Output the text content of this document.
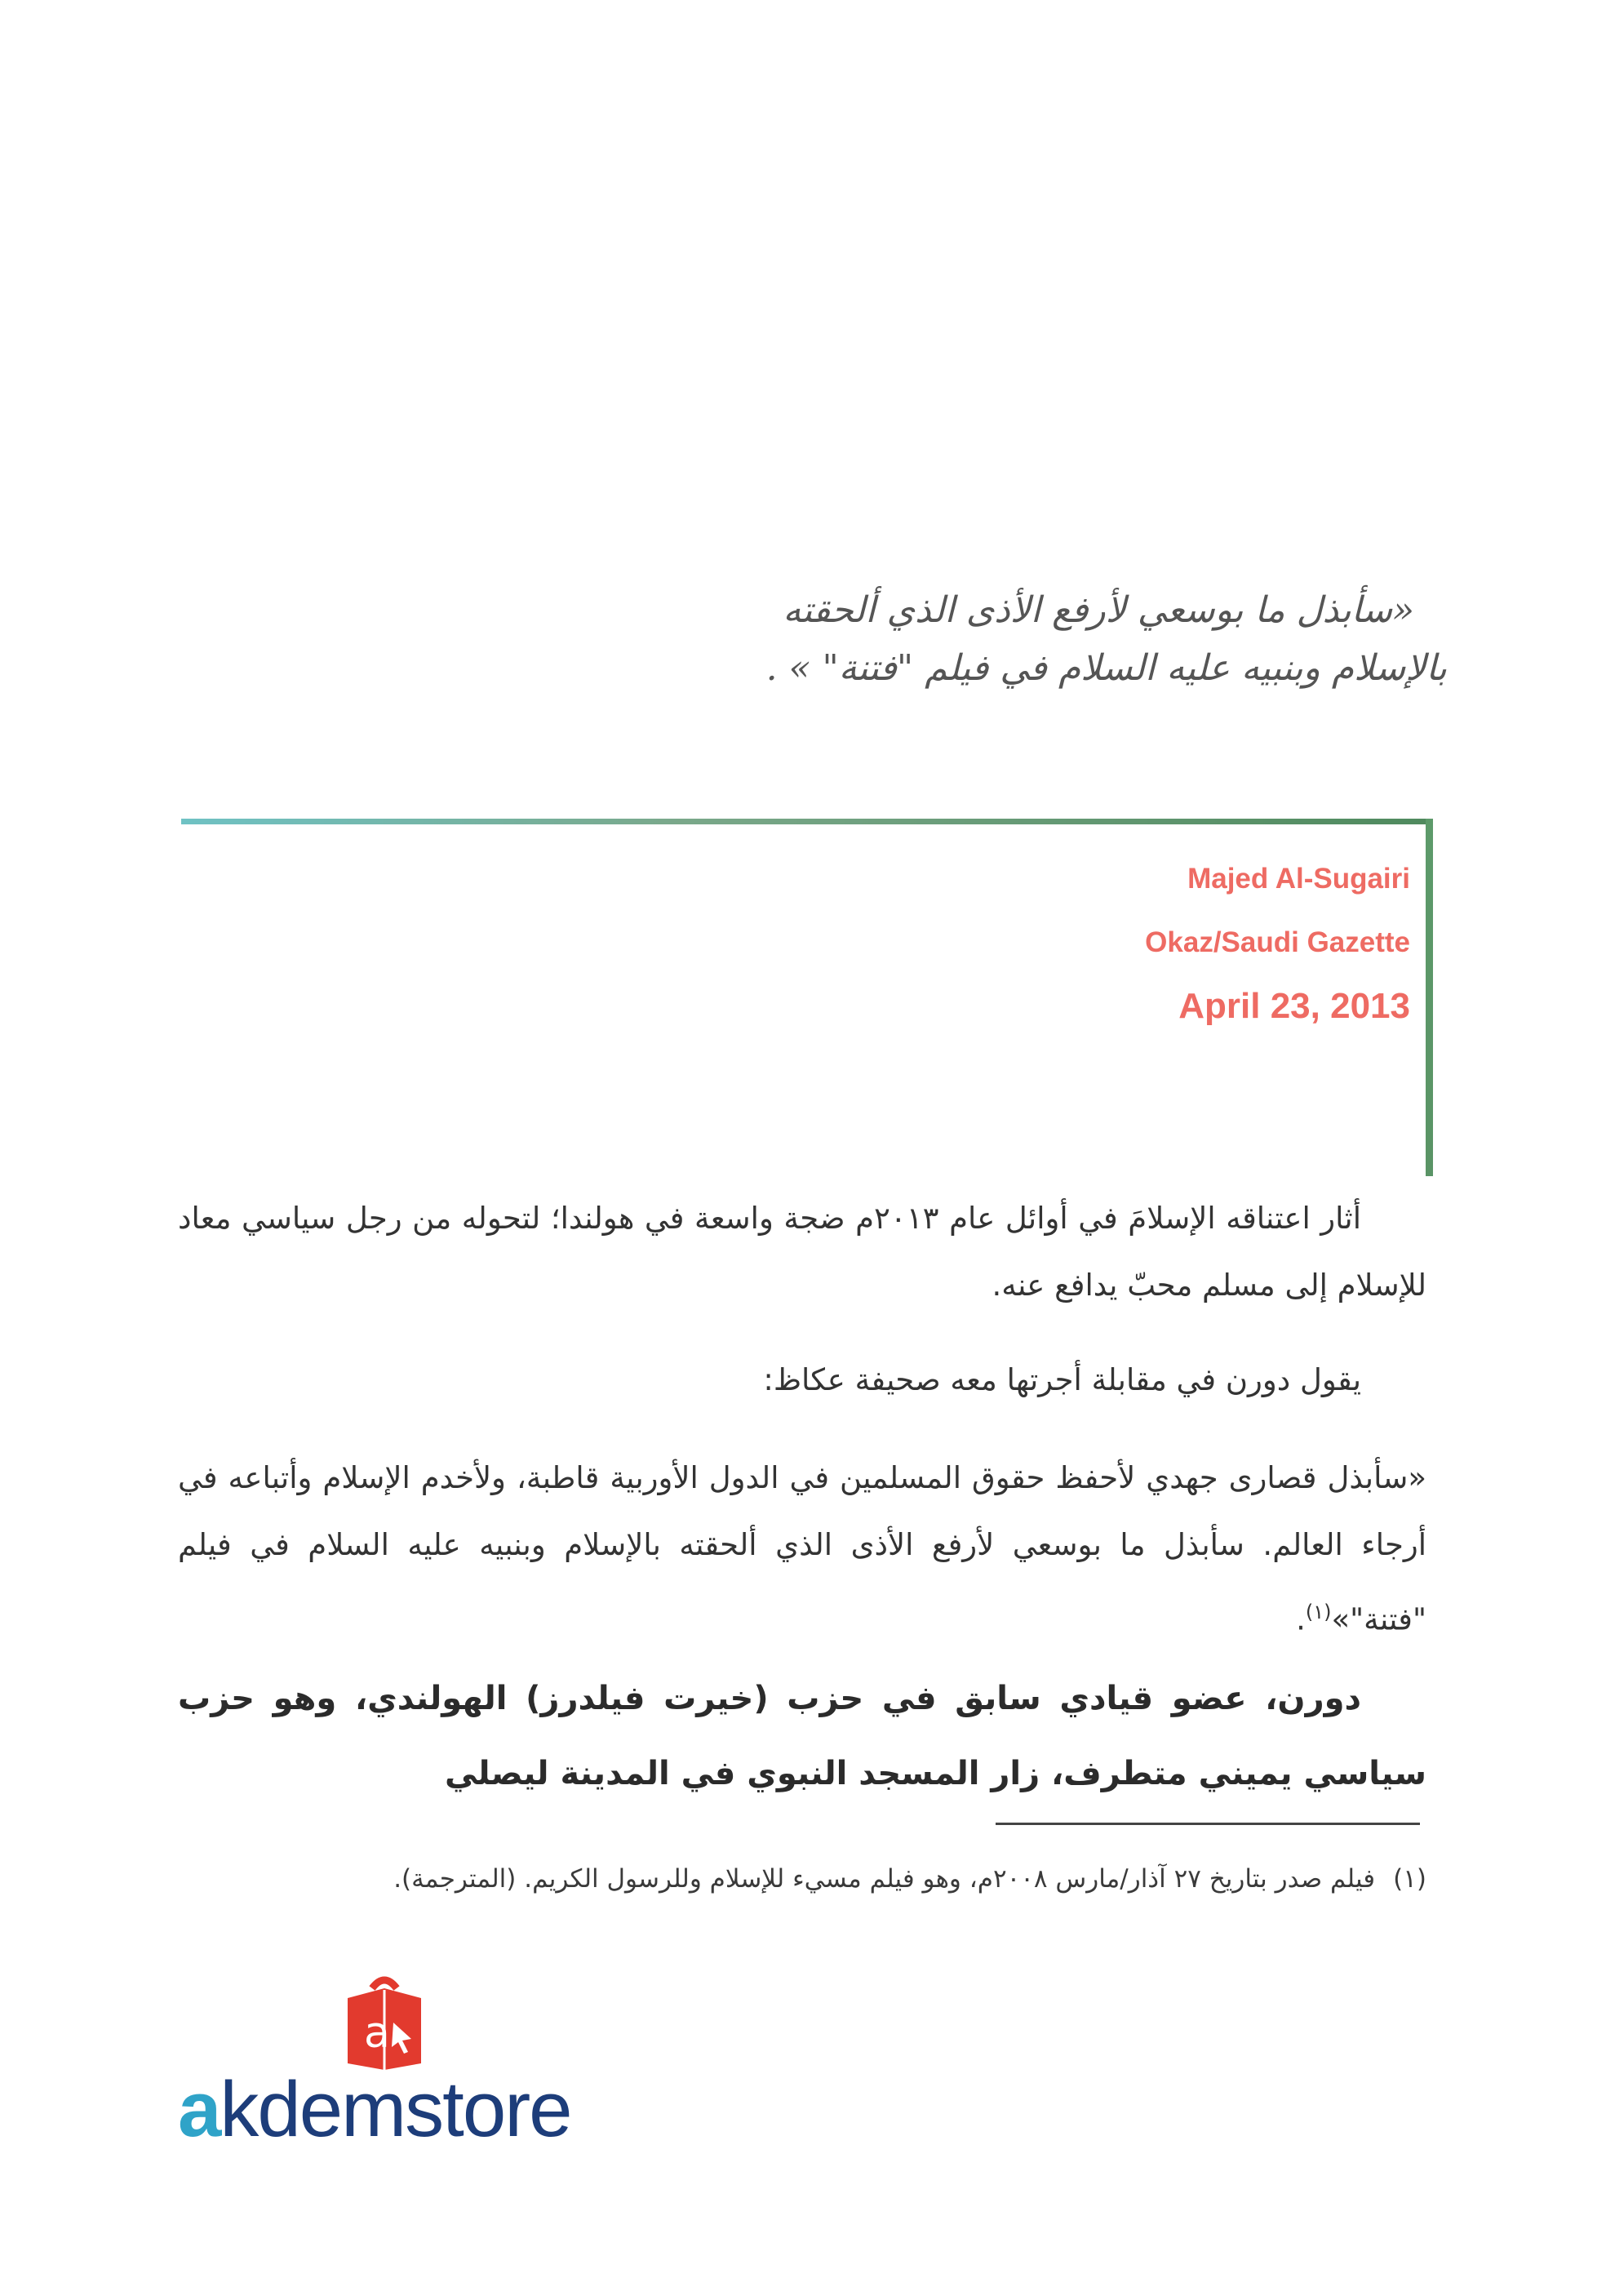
«سأبذل ما بوسعي لأرفع الأذى الذي ألحقته
بالإسلام وبنبيه عليه السلام في فيلم "فتنة" » .
Majed Al-Sugairi
Okaz/Saudi Gazette
April 23, 2013
أثار اعتناقه الإسلامَ في أوائل عام ٢٠١٣م ضجة واسعة في هولندا؛ لتحوله من رجل سياسي معاد للإسلام إلى مسلم محبّ يدافع عنه.
يقول دورن في مقابلة أجرتها معه صحيفة عكاظ:
«سأبذل قصارى جهدي لأحفظ حقوق المسلمين في الدول الأوربية قاطبة، ولأخدم الإسلام وأتباعه في أرجاء العالم. سأبذل ما بوسعي لأرفع الأذى الذي ألحقته بالإسلام وبنبيه عليه السلام في فيلم "فتنة"»$^{(١)}$.
دورن، عضو قيادي سابق في حزب (خيرت فيلدرز) الهولندي، وهو حزب سياسي يميني متطرف، زار المسجد النبوي في المدينة ليصلي
(١)فيلم صدر بتاريخ ٢٧ آذار/مارس ٢٠٠٨م، وهو فيلم مسيء للإسلام وللرسول الكريم. (المترجمة).
a
akdemstore
